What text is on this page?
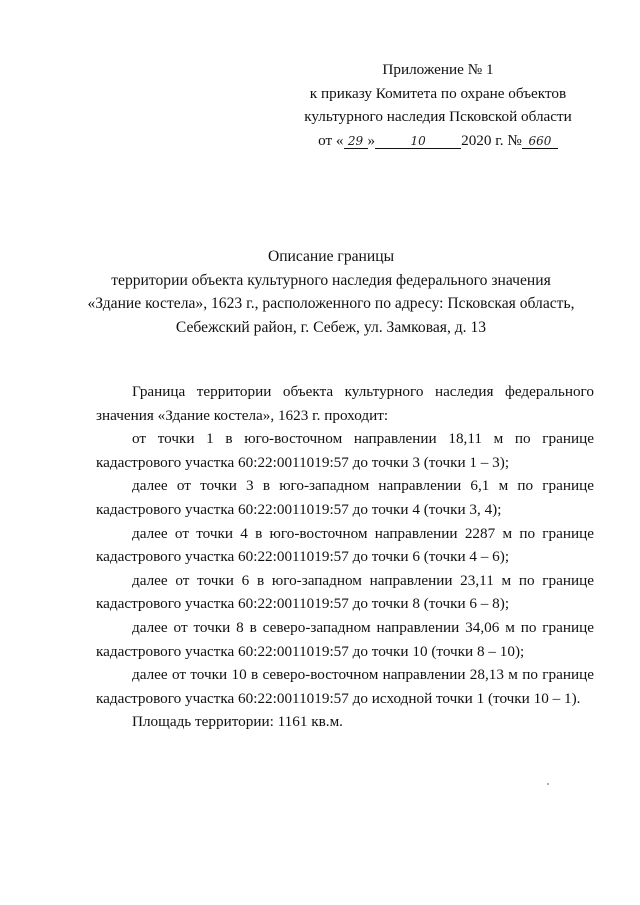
Приложение № 1
к приказу Комитета по охране объектов
культурного наследия Псковской области
от « 29 »	10 2020 г. № 660
Описание границы
территории объекта культурного наследия федерального значения
«Здание костела», 1623 г., расположенного по адресу: Псковская область,
Себежский район, г. Себеж, ул. Замковая, д. 13

Граница территории объекта культурного наследия федерального значения «Здание костела», 1623 г. проходит:

от точки 1 в юго-восточном направлении 18,11 м по границе кадастрового участка 60:22:0011019:57 до точки 3 (точки 1 – 3);

далее от точки 3 в юго-западном направлении 6,1 м по границе кадастрового участка 60:22:0011019:57 до точки 4 (точки 3, 4);

далее от точки 4 в юго-восточном направлении 2287 м по границе кадастрового участка 60:22:0011019:57 до точки 6 (точки 4 – 6);

далее от точки 6 в юго-западном направлении 23,11 м по границе кадастрового участка 60:22:0011019:57 до точки 8 (точки 6 – 8);

далее от точки 8 в северо-западном направлении 34,06 м по границе кадастрового участка 60:22:0011019:57 до точки 10 (точки 8 – 10);

далее от точки 10 в северо-восточном направлении 28,13 м по границе кадастрового участка 60:22:0011019:57 до исходной точки 1 (точки 10 – 1).

Площадь территории: 1161 кв.м.
